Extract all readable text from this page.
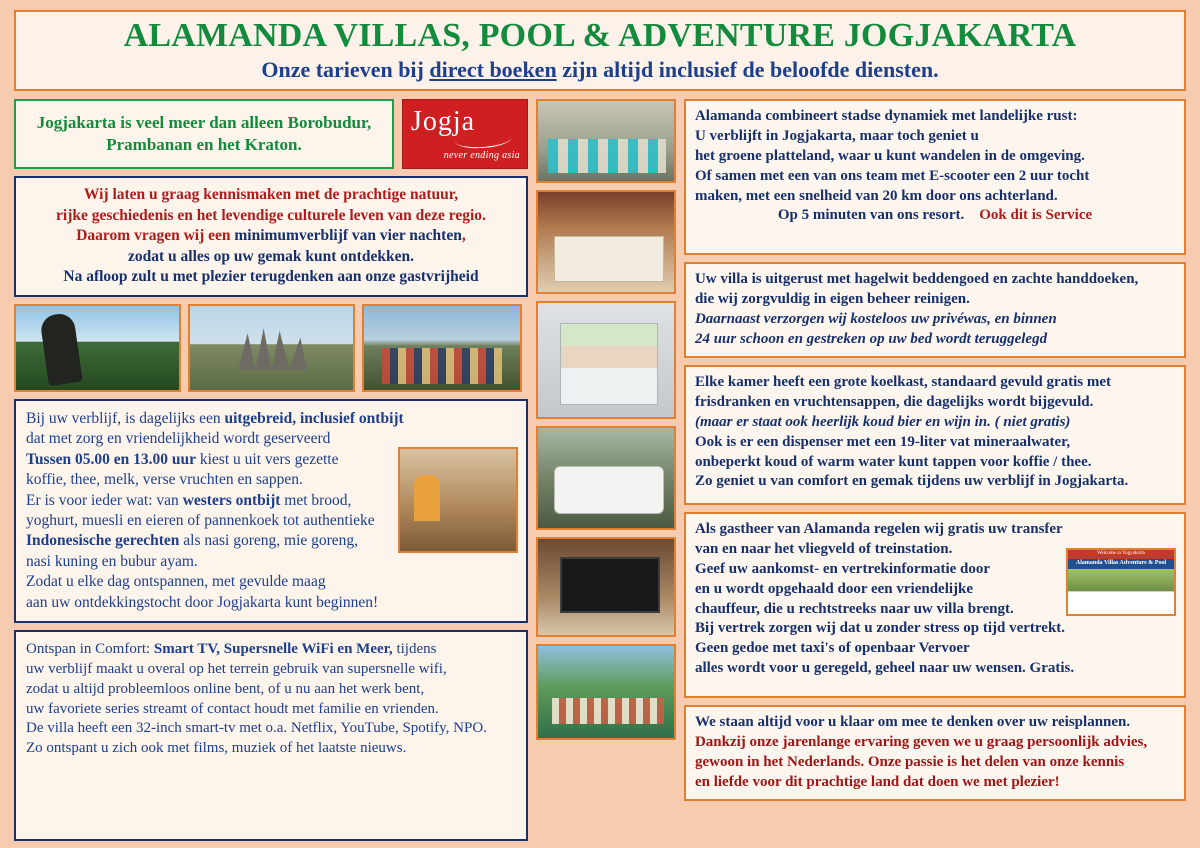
ALAMANDA VILLAS, POOL & ADVENTURE JOGJAKARTA
Onze tarieven bij direct boeken zijn altijd inclusief de beloofde diensten.

Jogjakarta is veel meer dan alleen Borobudur,

Prambanan en het Kraton.

Jogja
never ending asia

Wij laten u graag kennismaken met de prachtige natuur,

rijke geschiedenis en het levendige culturele leven van deze regio.

Daarom vragen wij een minimumverblijf van vier nachten,

zodat u alles op uw gemak kunt ontdekken.

Na afloop zult u met plezier terugdenken aan onze gastvrijheid

Bij uw verblijf, is dagelijks een uitgebreid, inclusief ontbijt

dat met zorg en vriendelijkheid wordt geserveerd

Tussen 05.00 en 13.00 uur kiest u uit vers gezette

koffie, thee, melk, verse vruchten en sappen.

Er is voor ieder wat: van westers ontbijt met brood,

yoghurt, muesli en eieren of pannenkoek tot authentieke

Indonesische gerechten als nasi goreng, mie goreng,

nasi kuning en bubur ayam.

Zodat u elke dag ontspannen, met gevulde maag

aan uw ontdekkingstocht door Jogjakarta kunt beginnen!

Ontspan in Comfort: Smart TV, Supersnelle WiFi en Meer, tijdens

uw verblijf maakt u overal op het terrein gebruik van supersnelle wifi,

zodat u altijd probleemloos online bent, of u nu aan het werk bent,

uw favoriete series streamt of contact houdt met familie en vrienden.

De villa heeft een 32-inch smart-tv met o.a. Netflix, YouTube, Spotify, NPO.

Zo ontspant u zich ook met films, muziek of het laatste nieuws.

Alamanda combineert stadse dynamiek met landelijke rust:

U verblijft in Jogjakarta, maar toch geniet u

het groene platteland, waar u kunt wandelen in de omgeving.

Of samen met een van ons team met E-scooter een 2 uur tocht

maken, met een snelheid van 20 km door ons achterland.

Op 5 minuten van ons resort. Ook dit is Service

Uw villa is uitgerust met hagelwit beddengoed en zachte handdoeken,

die wij zorgvuldig in eigen beheer reinigen.

Daarnaast verzorgen wij kosteloos uw privéwas, en binnen

24 uur schoon en gestreken op uw bed wordt teruggelegd

Elke kamer heeft een grote koelkast, standaard gevuld gratis met

frisdranken en vruchtensappen, die dagelijks wordt bijgevuld.

(maar er staat ook heerlijk koud bier en wijn in. ( niet gratis)

Ook is er een dispenser met een 19-liter vat mineraalwater,

onbeperkt koud of warm water kunt tappen voor koffie / thee.

Zo geniet u van comfort en gemak tijdens uw verblijf in Jogjakarta.

Als gastheer van Alamanda regelen wij gratis uw transfer

van en naar het vliegveld of treinstation.

Geef uw aankomst- en vertrekinformatie door

en u wordt opgehaald door een vriendelijke

chauffeur, die u rechtstreeks naar uw villa brengt.

Bij vertrek zorgen wij dat u zonder stress op tijd vertrekt.

Geen gedoe met taxi's of openbaar Vervoer

alles wordt voor u geregeld, geheel naar uw wensen. Gratis.

Welcome in Yogyakarta
Alamanda Villas Adventure & Pool

We staan altijd voor u klaar om mee te denken over uw reisplannen.

Dankzij onze jarenlange ervaring geven we u graag persoonlijk advies,

gewoon in het Nederlands. Onze passie is het delen van onze kennis

en liefde voor dit prachtige land dat doen we met plezier!
